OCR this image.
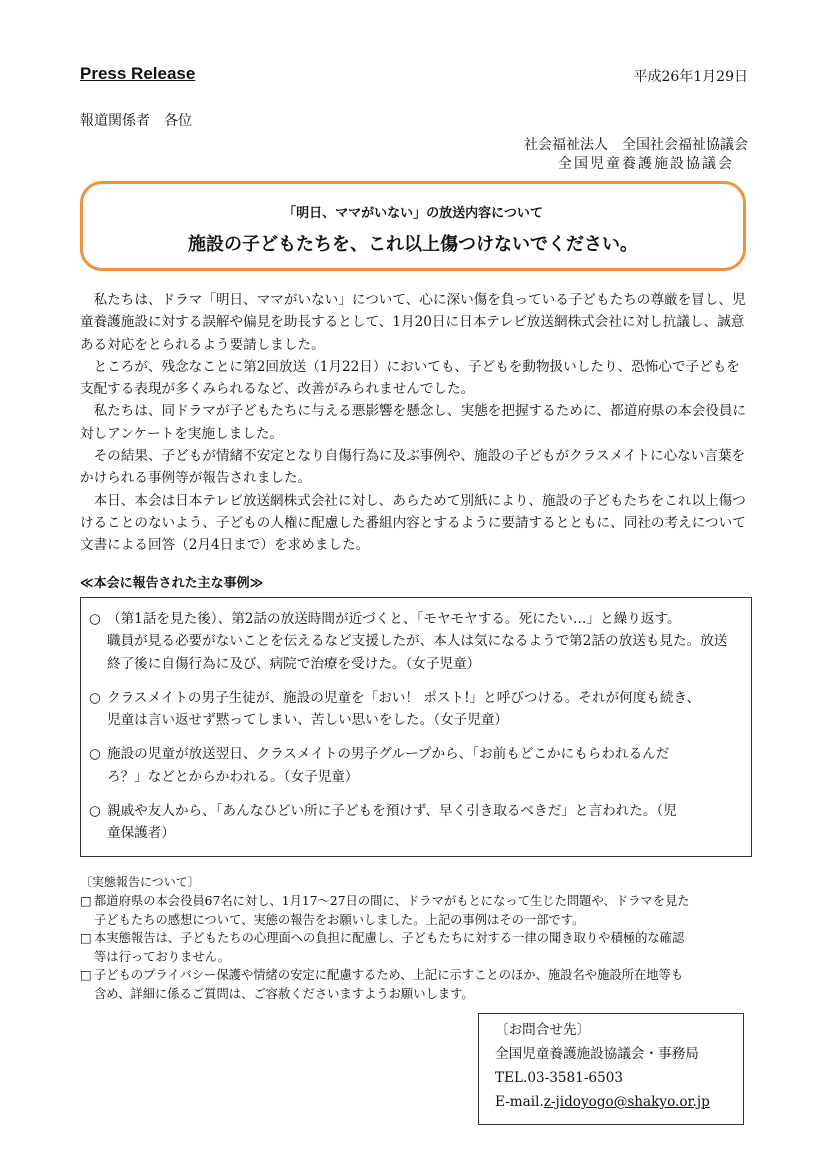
Press Release	平成26年1月29日
報道関係者　各位
社会福祉法人　全国社会福祉協議会
全国児童養護施設協議会
「明日、ママがいない」の放送内容について
施設の子どもたちを、これ以上傷つけないでください。

私たちは、ドラマ「明日、ママがいない」について、心に深い傷を負っている子どもたちの尊厳を冒し、児童養護施設に対する誤解や偏見を助長するとして、1月20日に日本テレビ放送網株式会社に対し抗議し、誠意ある対応をとられるよう要請しました。

ところが、残念なことに第2回放送（1月22日）においても、子どもを動物扱いしたり、恐怖心で子どもを支配する表現が多くみられるなど、改善がみられませんでした。

私たちは、同ドラマが子どもたちに与える悪影響を懸念し、実態を把握するために、都道府県の本会役員に対しアンケートを実施しました。

その結果、子どもが情緒不安定となり自傷行為に及ぶ事例や、施設の子どもがクラスメイトに心ない言葉をかけられる事例等が報告されました。

本日、本会は日本テレビ放送網株式会社に対し、あらためて別紙により、施設の子どもたちをこれ以上傷つけることのないよう、子どもの人権に配慮した番組内容とするように要請するとともに、同社の考えについて文書による回答（2月4日まで）を求めました。

≪本会に報告された主な事例≫
○ （第1話を見た後）、第2話の放送時間が近づくと、「モヤモヤする。死にたい…」と繰り返す。
職員が見る必要がないことを伝えるなど支援したが、本人は気になるようで第2話の放送も見た。放送終了後に自傷行為に及び、病院で治療を受けた。（女子児童）
○ クラスメイトの男子生徒が、施設の児童を「おい！ ポスト!」と呼びつける。それが何度も続き、
児童は言い返せず黙ってしまい、苦しい思いをした。（女子児童）
○ 施設の児童が放送翌日、クラスメイトの男子グループから、「お前もどこかにもらわれるんだ
ろ？」などとからかわれる。（女子児童）
○ 親戚や友人から、「あんなひどい所に子どもを預けず、早く引き取るべきだ」と言われた。（児
童保護者）
〔実態報告について〕
□ 都道府県の本会役員67名に対し、1月17～27日の間に、ドラマがもとになって生じた問題や、ドラマを見た
子どもたちの感想について、実態の報告をお願いしました。上記の事例はその一部です。
□ 本実態報告は、子どもたちの心理面への負担に配慮し、子どもたちに対する一律の聞き取りや積極的な確認
等は行っておりません。
□ 子どものプライバシー保護や情緒の安定に配慮するため、上記に示すことのほか、施設名や施設所在地等も
含め、詳細に係るご質問は、ご容赦くださいますようお願いします。
〔お問合せ先〕
全国児童養護施設協議会・事務局
TEL.03-3581-6503
E-mail.z-jidoyogo@shakyo.or.jp
